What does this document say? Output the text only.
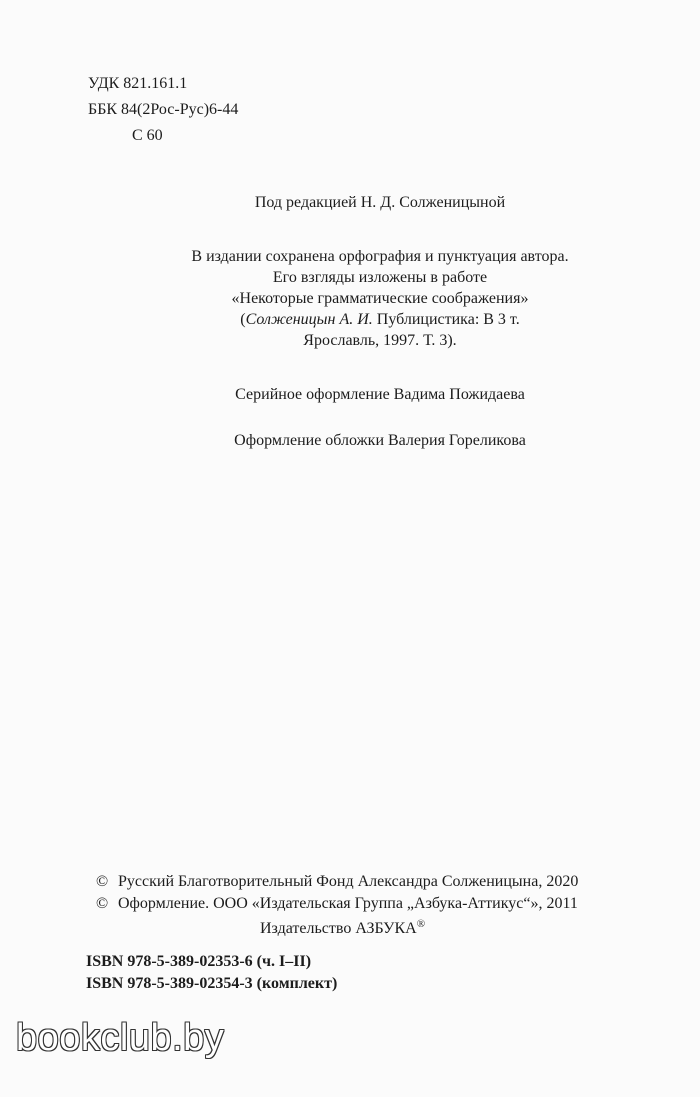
УДК 821.161.1
ББК 84(2Рос-Рус)6-44
С 60
Под редакцией Н. Д. Солженицыной
В издании сохранена орфография и пунктуация автора.
Его взгляды изложены в работе
«Некоторые грамматические соображения»
(Солженицын А. И. Публицистика: В 3 т.
Ярославль, 1997. Т. 3).
Серийное оформление Вадима Пожидаева
Оформление обложки Валерия Гореликова
© Русский Благотворительный Фонд Александра Солженицына, 2020
© Оформление. ООО «Издательская Группа „Азбука-Аттикус“», 2011
Издательство АЗБУКА®
ISBN 978-5-389-02353-6 (ч. I–II)
ISBN 978-5-389-02354-3 (комплект)
bookclub.by
